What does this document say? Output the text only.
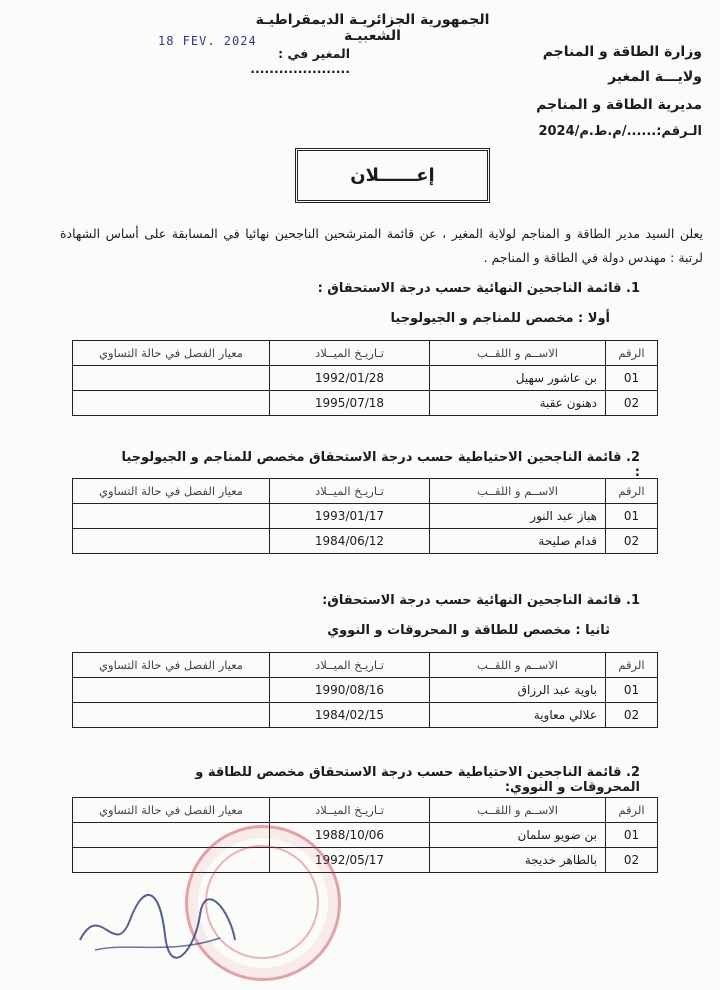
الجمهورية الجزائريـة الديمقراطيـة الشعبيـة
18 FEV. 2024
المغير في : .....................
وزارة الطاقة و المناجم
ولايـــة المغير
مديرية الطاقة و المناجم
الـرقم:....../م.ط.م/2024
إعــــــلان
يعلن السيد مدير الطاقة و المناجم لولاية المغير ، عن قائمة المترشحين الناجحين نهائيا في المسابقة على أساس الشهادة لرتبة : مهندس دولة في الطاقة و المناجم .
1. قائمة الناجحين النهائية حسب درجة الاستحقاق :
أولا : مخصص للمناجم و الجيولوجيا
الرقم	الاســم و اللقــب	تـاريـخ الميــلاد	معيار الفصل في حالة التساوي
01	بن عاشور سهيل	1992/01/28	
02	دهنون عقبة	1995/07/18	
2. قائمة الناجحين الاحتياطية حسب درجة الاستحقاق مخصص للمناجم و الجيولوجيا :
الرقم	الاســم و اللقــب	تـاريـخ الميــلاد	معيار الفصل في حالة التساوي
01	هباز عبد النور	1993/01/17	
02	قدام صليحة	1984/06/12	
1. قائمة الناجحين النهائية حسب درجة الاستحقاق:
ثانيا : مخصص للطاقة و المحروقات و النووي
الرقم	الاســم و اللقــب	تـاريـخ الميــلاد	معيار الفصل في حالة التساوي
01	باوية عبد الرزاق	1990/08/16	
02	علالي معاوية	1984/02/15	
2. قائمة الناجحين الاحتياطية حسب درجة الاستحقاق مخصص للطاقة و المحروقات و النووي:
الرقم	الاســم و اللقــب	تـاريـخ الميــلاد	معيار الفصل في حالة التساوي
01	بن ضويو سلمان	1988/10/06	
02	بالطاهر خديجة	1992/05/17	
